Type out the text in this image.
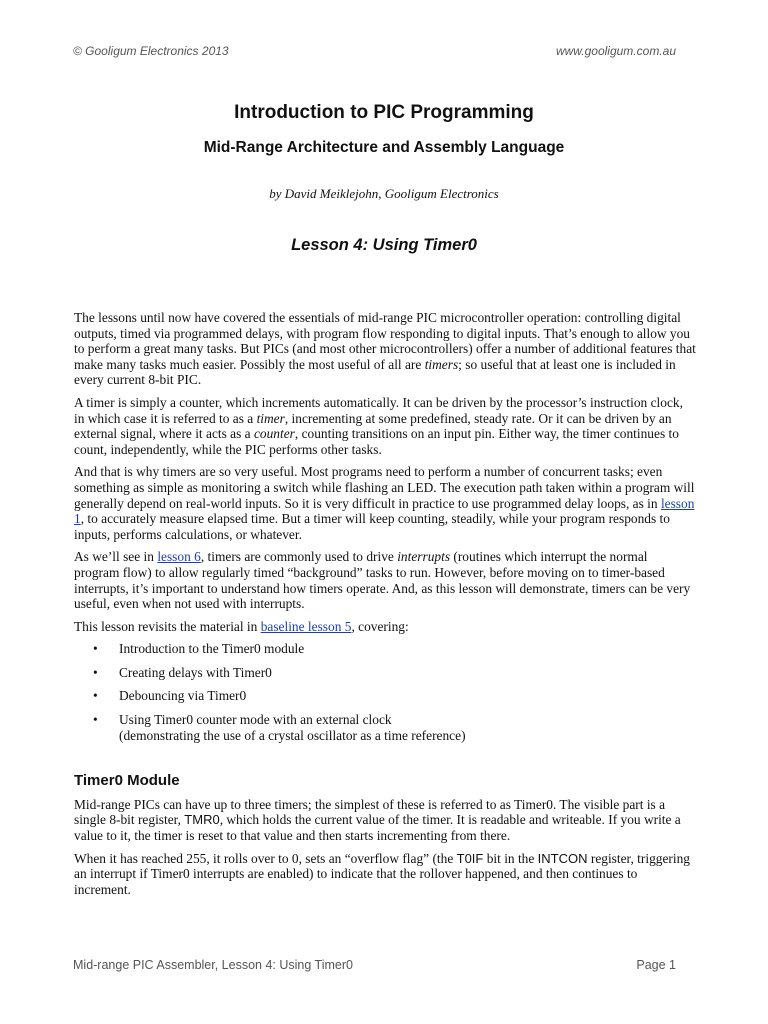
© Gooligum Electronics 2013	www.gooligum.com.au
Introduction to PIC Programming
Mid-Range Architecture and Assembly Language
by David Meiklejohn, Gooligum Electronics
Lesson 4: Using Timer0

The lessons until now have covered the essentials of mid-range PIC microcontroller operation: controlling digital outputs, timed via programmed delays, with program flow responding to digital inputs. That’s enough to allow you to perform a great many tasks. But PICs (and most other microcontrollers) offer a number of additional features that make many tasks much easier. Possibly the most useful of all are timers; so useful that at least one is included in every current 8-bit PIC.

A timer is simply a counter, which increments automatically. It can be driven by the processor’s instruction clock, in which case it is referred to as a timer, incrementing at some predefined, steady rate. Or it can be driven by an external signal, where it acts as a counter, counting transitions on an input pin. Either way, the timer continues to count, independently, while the PIC performs other tasks.

And that is why timers are so very useful. Most programs need to perform a number of concurrent tasks; even something as simple as monitoring a switch while flashing an LED. The execution path taken within a program will generally depend on real-world inputs. So it is very difficult in practice to use programmed delay loops, as in lesson 1, to accurately measure elapsed time. But a timer will keep counting, steadily, while your program responds to inputs, performs calculations, or whatever.

As we’ll see in lesson 6, timers are commonly used to drive interrupts (routines which interrupt the normal program flow) to allow regularly timed “background” tasks to run. However, before moving on to timer-based interrupts, it’s important to understand how timers operate. And, as this lesson will demonstrate, timers can be very useful, even when not used with interrupts.

This lesson revisits the material in baseline lesson 5, covering:

• Introduction to the Timer0 module
• Creating delays with Timer0
• Debouncing via Timer0
• Using Timer0 counter mode with an external clock
(demonstrating the use of a crystal oscillator as a time reference)
Timer0 Module

Mid-range PICs can have up to three timers; the simplest of these is referred to as Timer0. The visible part is a single 8-bit register, TMR0, which holds the current value of the timer. It is readable and writeable. If you write a value to it, the timer is reset to that value and then starts incrementing from there.

When it has reached 255, it rolls over to 0, sets an “overflow flag” (the T0IF bit in the INTCON register, triggering an interrupt if Timer0 interrupts are enabled) to indicate that the rollover happened, and then continues to increment.

Mid-range PIC Assembler, Lesson 4: Using Timer0	Page 1
